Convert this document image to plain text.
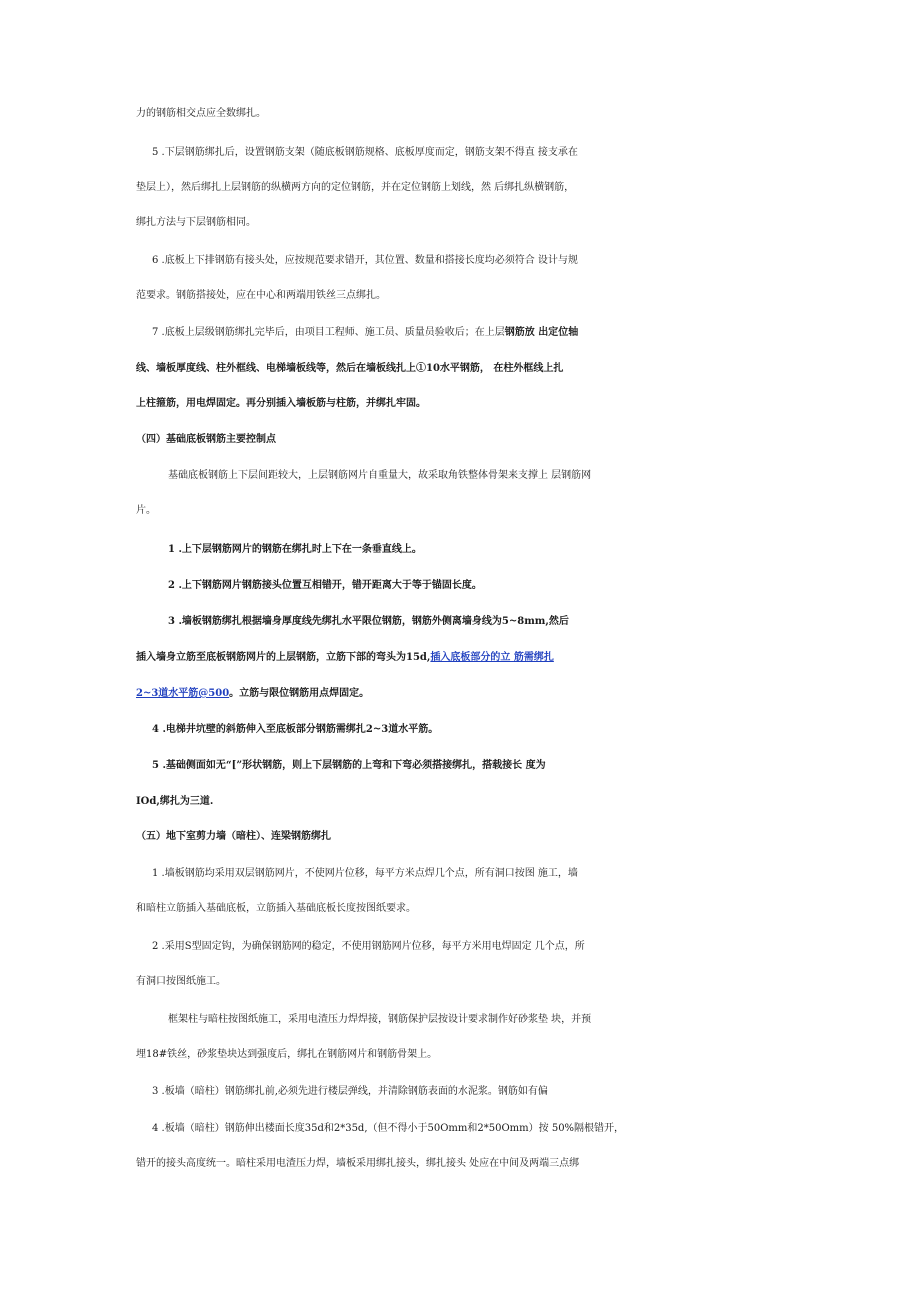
力的钢筋相交点应全数绑扎。
5 .下层钢筋绑扎后，设置钢筋支架（随底板钢筋规格、底板厚度而定，钢筋支架不得直 接支承在
垫层上），然后绑扎上层钢筋的纵横两方向的定位钢筋，并在定位钢筋上划线，然 后绑扎纵横钢筋，
绑扎方法与下层钢筋相同。
6 .底板上下排钢筋有接头处，应按规范要求错开，其位置、数量和搭接长度均必须符合 设计与规
范要求。钢筋搭接处，应在中心和两端用铁丝三点绑扎。
7 .底板上层级钢筋绑扎完毕后，由项目工程师、施工员、质量员验收后；在上层钢筋放 出定位轴
线、墙板厚度线、柱外框线、电梯墙板线等，然后在墙板线扎上①10水平钢筋， 在柱外框线上扎
上柱箍筋，用电焊固定。再分别插入墙板筋与柱筋，并绑扎牢固。
（四）基础底板钢筋主要控制点
基础底板钢筋上下层间距较大，上层钢筋网片自重量大，故采取角铁整体骨架来支撑上 层钢筋网
片。
1 .上下层钢筋网片的钢筋在绑扎时上下在一条垂直线上。
2 .上下钢筋网片钢筋接头位置互相错开，错开距离大于等于锚固长度。
3 .墙板钢筋绑扎根据墙身厚度线先绑扎水平限位钢筋，钢筋外侧离墙身线为5~8mm,然后
插入墙身立筋至底板钢筋网片的上层钢筋，立筋下部的弯头为15d,插入底板部分的立 筋需绑扎
2~3道水平筋@500。立筋与限位钢筋用点焊固定。
4 .电梯井坑壁的斜筋伸入至底板部分钢筋需绑扎2~3道水平筋。
5 .基础侧面如无“[”形状钢筋，则上下层钢筋的上弯和下弯必须搭接绑扎，搭载接长 度为
IOd,绑扎为三道.
（五）地下室剪力墙（暗柱）、连梁钢筋绑扎
1 .墙板钢筋均采用双层钢筋网片，不使网片位移，每平方米点焊几个点，所有洞口按图 施工，墙
和暗柱立筋插入基础底板，立筋插入基础底板长度按图纸要求。
2 .采用S型固定钩，为确保钢筋网的稳定，不使用钢筋网片位移，每平方米用电焊固定 几个点，所
有洞口按图纸施工。
框架柱与暗柱按图纸施工，采用电渣压力焊焊接，钢筋保护层按设计要求制作好砂浆垫 块，并预
埋18#铁丝，砂浆垫块达到强度后，绑扎在钢筋网片和钢筋骨架上。
3 .板墙（暗柱）钢筋绑扎前,必须先进行楼层弹线，并清除钢筋表面的水泥浆。钢筋如有偏
4 .板墙（暗柱）钢筋伸出楼面长度35d和2*35d,（但不得小于50Omm和2*50Omm）按 50%隔根错开，
错开的接头高度统一。暗柱采用电渣压力焊，墙板采用绑扎接头，绑扎接头 处应在中间及两端三点绑
